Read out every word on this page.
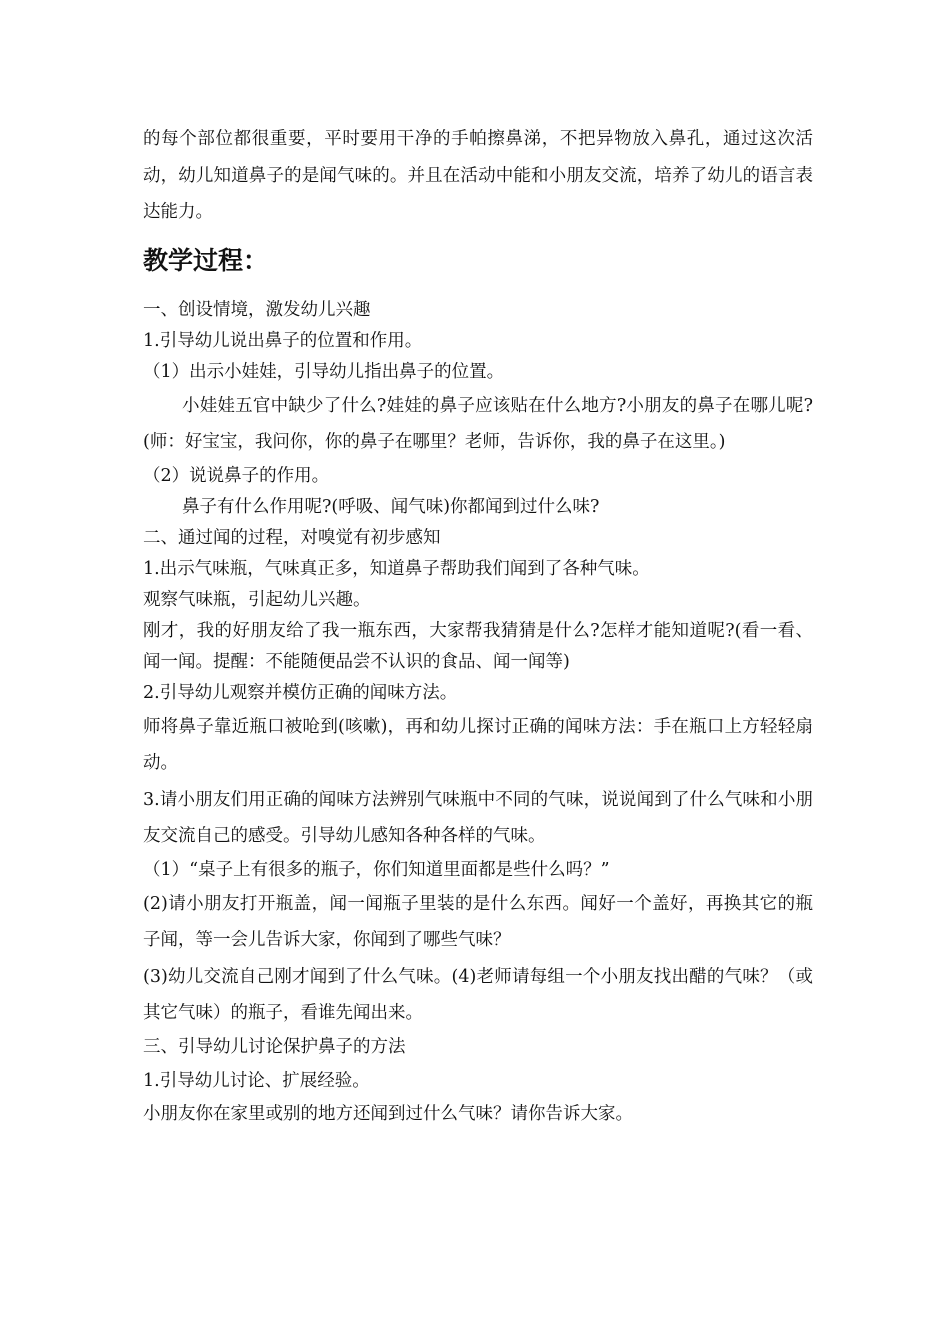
的每个部位都很重要，平时要用干净的手帕擦鼻涕，不把异物放入鼻孔，通过这次活动，幼儿知道鼻子的是闻气味的。并且在活动中能和小朋友交流，培养了幼儿的语言表达能力。

教学过程：

一、创设情境，激发幼儿兴趣

1.引导幼儿说出鼻子的位置和作用。

（1）出示小娃娃，引导幼儿指出鼻子的位置。

小娃娃五官中缺少了什么?娃娃的鼻子应该贴在什么地方?小朋友的鼻子在哪儿呢?(师：好宝宝，我问你，你的鼻子在哪里？老师，告诉你，我的鼻子在这里。)

（2）说说鼻子的作用。

鼻子有什么作用呢?(呼吸、闻气味)你都闻到过什么味?

二、通过闻的过程，对嗅觉有初步感知

1.出示气味瓶，气味真正多，知道鼻子帮助我们闻到了各种气味。

观察气味瓶，引起幼儿兴趣。

刚才，我的好朋友给了我一瓶东西，大家帮我猜猜是什么?怎样才能知道呢?(看一看、闻一闻。提醒：不能随便品尝不认识的食品、闻一闻等)

2.引导幼儿观察并模仿正确的闻味方法。

师将鼻子靠近瓶口被呛到(咳嗽)，再和幼儿探讨正确的闻味方法：手在瓶口上方轻轻扇动。

3.请小朋友们用正确的闻味方法辨别气味瓶中不同的气味，说说闻到了什么气味和小朋友交流自己的感受。引导幼儿感知各种各样的气味。

（1）“桌子上有很多的瓶子，你们知道里面都是些什么吗？”

(2)请小朋友打开瓶盖，闻一闻瓶子里装的是什么东西。闻好一个盖好，再换其它的瓶子闻，等一会儿告诉大家，你闻到了哪些气味？

(3)幼儿交流自己刚才闻到了什么气味。(4)老师请每组一个小朋友找出醋的气味？（或其它气味）的瓶子，看谁先闻出来。

三、引导幼儿讨论保护鼻子的方法

1.引导幼儿讨论、扩展经验。

小朋友你在家里或别的地方还闻到过什么气味？请你告诉大家。
